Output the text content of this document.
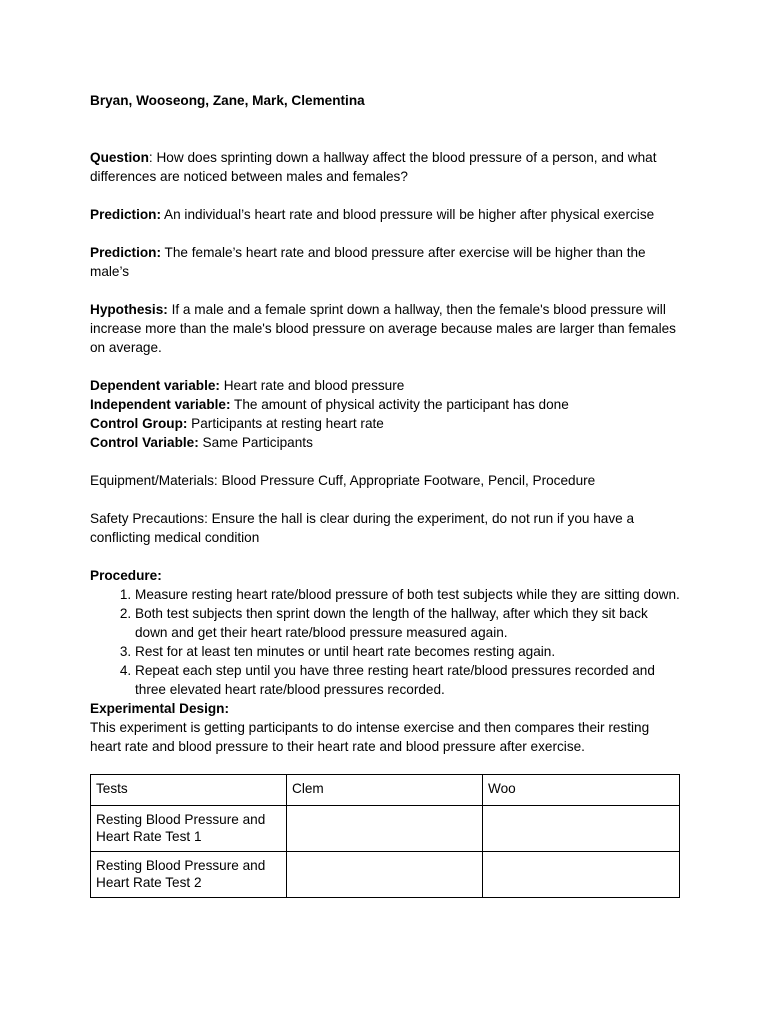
Bryan, Wooseong, Zane, Mark, Clementina

Question: How does sprinting down a hallway affect the blood pressure of a person, and what differences are noticed between males and females?

Prediction: An individual’s heart rate and blood pressure will be higher after physical exercise

Prediction: The female’s heart rate and blood pressure after exercise will be higher than the male’s

Hypothesis: If a male and a female sprint down a hallway, then the female's blood pressure will increase more than the male's blood pressure on average because males are larger than females on average.

Dependent variable: Heart rate and blood pressure

Independent variable: The amount of physical activity the participant has done

Control Group: Participants at resting heart rate

Control Variable: Same Participants

Equipment/Materials: Blood Pressure Cuff, Appropriate Footware, Pencil, Procedure

Safety Precautions: Ensure the hall is clear during the experiment, do not run if you have a conflicting medical condition

Procedure:

1. Measure resting heart rate/blood pressure of both test subjects while they are sitting down.
2. Both test subjects then sprint down the length of the hallway, after which they sit back down and get their heart rate/blood pressure measured again.
3. Rest for at least ten minutes or until heart rate becomes resting again.
4. Repeat each step until you have three resting heart rate/blood pressures recorded and three elevated heart rate/blood pressures recorded.

Experimental Design:

This experiment is getting participants to do intense exercise and then compares their resting heart rate and blood pressure to their heart rate and blood pressure after exercise.

Tests	Clem	Woo
Resting Blood Pressure and Heart Rate Test 1		
Resting Blood Pressure and Heart Rate Test 2		
